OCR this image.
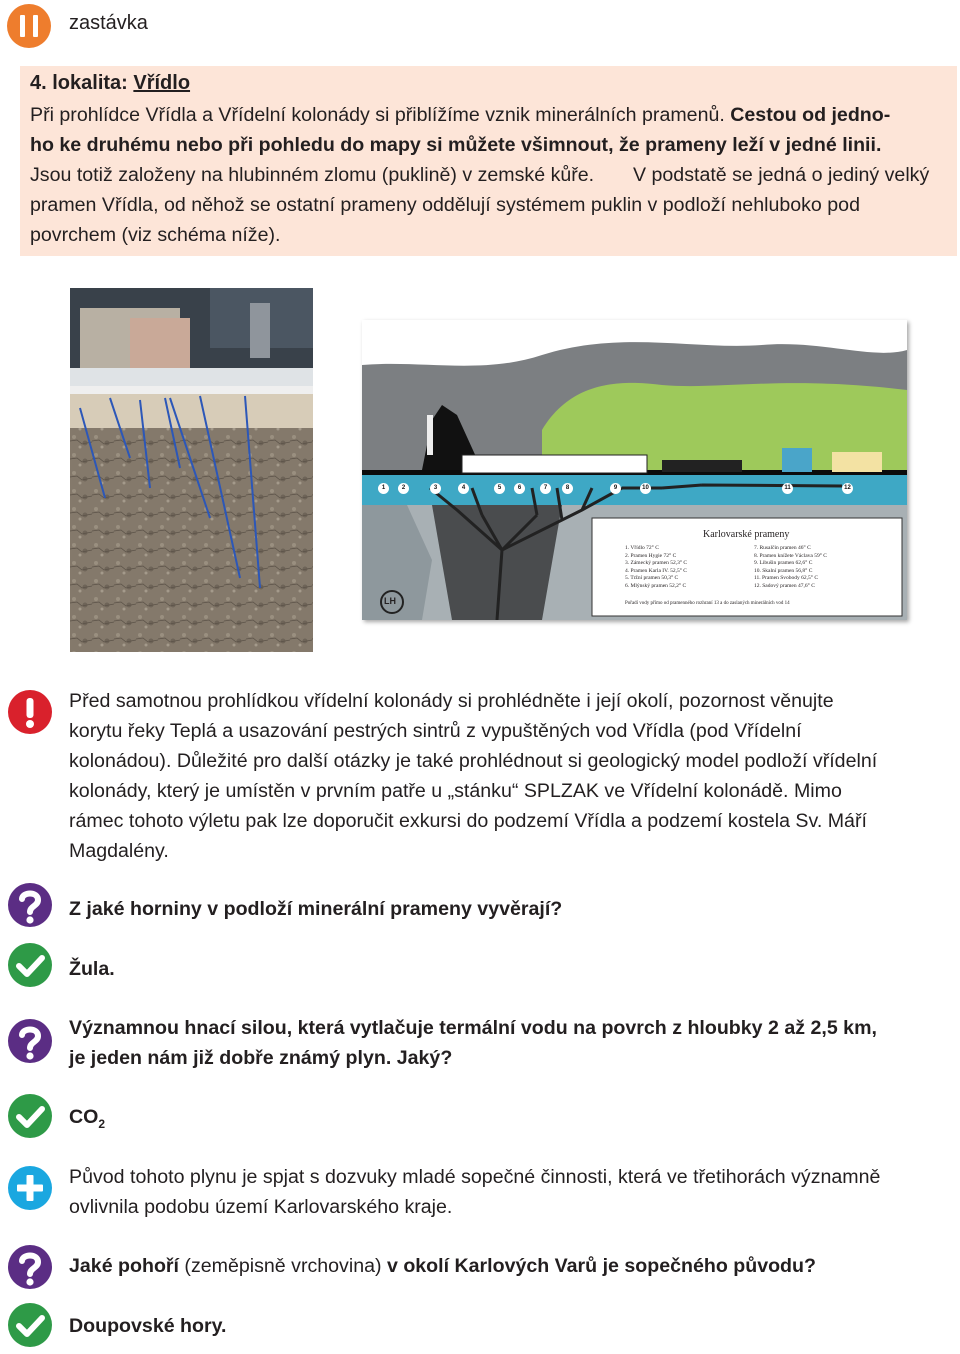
zastávka
4. lokalita: Vřídlo
Při prohlídce Vřídla a Vřídelní kolonády si přiblížíme vznik minerálních pramenů. Cestou od jedno-
ho ke druhému nebo při pohledu do mapy si můžete všimnout, že prameny leží v jedné linii.
Jsou totiž založeny na hlubinném zlomu (puklině) v zemské kůře. V podstatě se jedná o jediný velký
pramen Vřídla, od něhož se ostatní prameny oddělují systémem puklin v podloží nehluboko pod
povrchem (viz schéma níže).
Karlovarské prameny
1. Vřídlo 72° C
2. Pramen Hygie 72° C
3. Zámecký pramen 52,3° C
4. Pramen Karla IV. 52,5° C
5. Tržní pramen 50,3° C
6. Mlýnský pramen 52,2° C
7. Rusalčin pramen 46° C
8. Pramen knížete Václava 59° C
9. Libušin pramen 62,6° C
10. Skalní pramen 56,8° C
11. Pramen Svobody 62,5° C
12. Sadový pramen 47,6° C
Pořadí vody přímo od pramenného rozhraní 13 a do zaslaných minerálních vod 14
LH
1	2	3	4	5	6	7	8	9	10	11	12
Před samotnou prohlídkou vřídelní kolonády si prohlédněte i její okolí, pozornost věnujte
korytu řeky Teplá a usazování pestrých sintrů z vypuštěných vod Vřídla (pod Vřídelní
kolonádou). Důležité pro další otázky je také prohlédnout si geologický model podloží vřídelní
kolonády, který je umístěn v prvním patře u „stánku“ SPLZAK ve Vřídelní kolonádě. Mimo
rámec tohoto výletu pak lze doporučit exkursi do podzemí Vřídla a podzemí kostela Sv. Máří
Magdalény.
Z jaké horniny v podloží minerální prameny vyvěrají?
Žula.
Významnou hnací silou, která vytlačuje termální vodu na povrch z hloubky 2 až 2,5 km,
je jeden nám již dobře známý plyn. Jaký?
$CO_2$
Původ tohoto plynu je spjat s dozvuky mladé sopečné činnosti, která ve třetihorách významně
ovlivnila podobu území Karlovarského kraje.
Jaké pohoří (zeměpisně vrchovina) v okolí Karlových Varů je sopečného původu?
Doupovské hory.
